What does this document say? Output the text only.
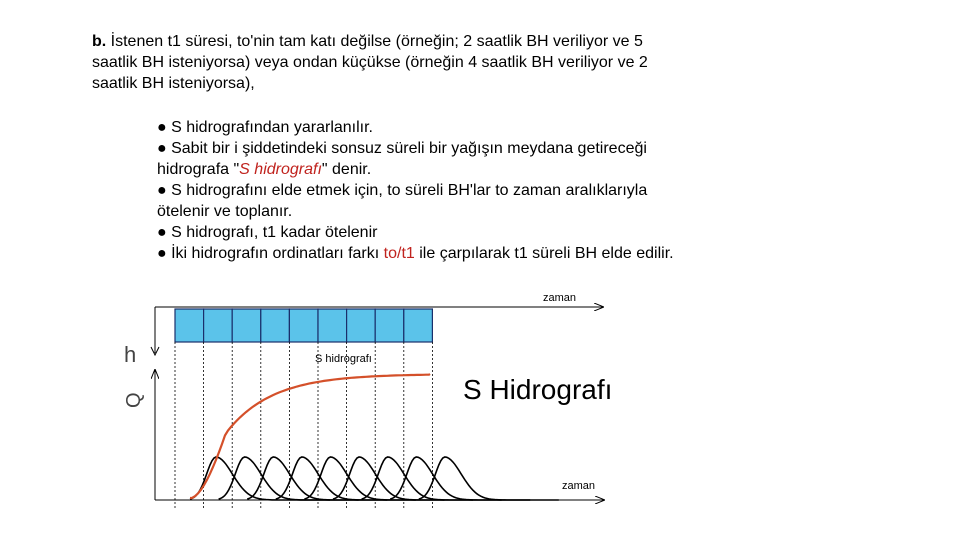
b. İstenen t1 süresi, to'nin tam katı değilse (örneğin; 2 saatlik BH veriliyor ve 5 saatlik BH isteniyorsa) veya ondan küçükse (örneğin 4 saatlik BH veriliyor ve 2 saatlik BH isteniyorsa),

● S hidrografından yararlanılır.
● Sabit bir i şiddetindeki sonsuz süreli bir yağışın meydana getireceği hidrografa "S hidrografı" denir.
● S hidrografını elde etmek için, to süreli BH'lar to zaman aralıklarıyla ötelenir ve toplanır.
● S hidrografı, t1 kadar ötelenir
● İki hidrografın ordinatları farkı to/t1 ile çarpılarak t1 süreli BH elde edilir.
zaman
h
Q
zaman
S hidrografı
S Hidrografı
